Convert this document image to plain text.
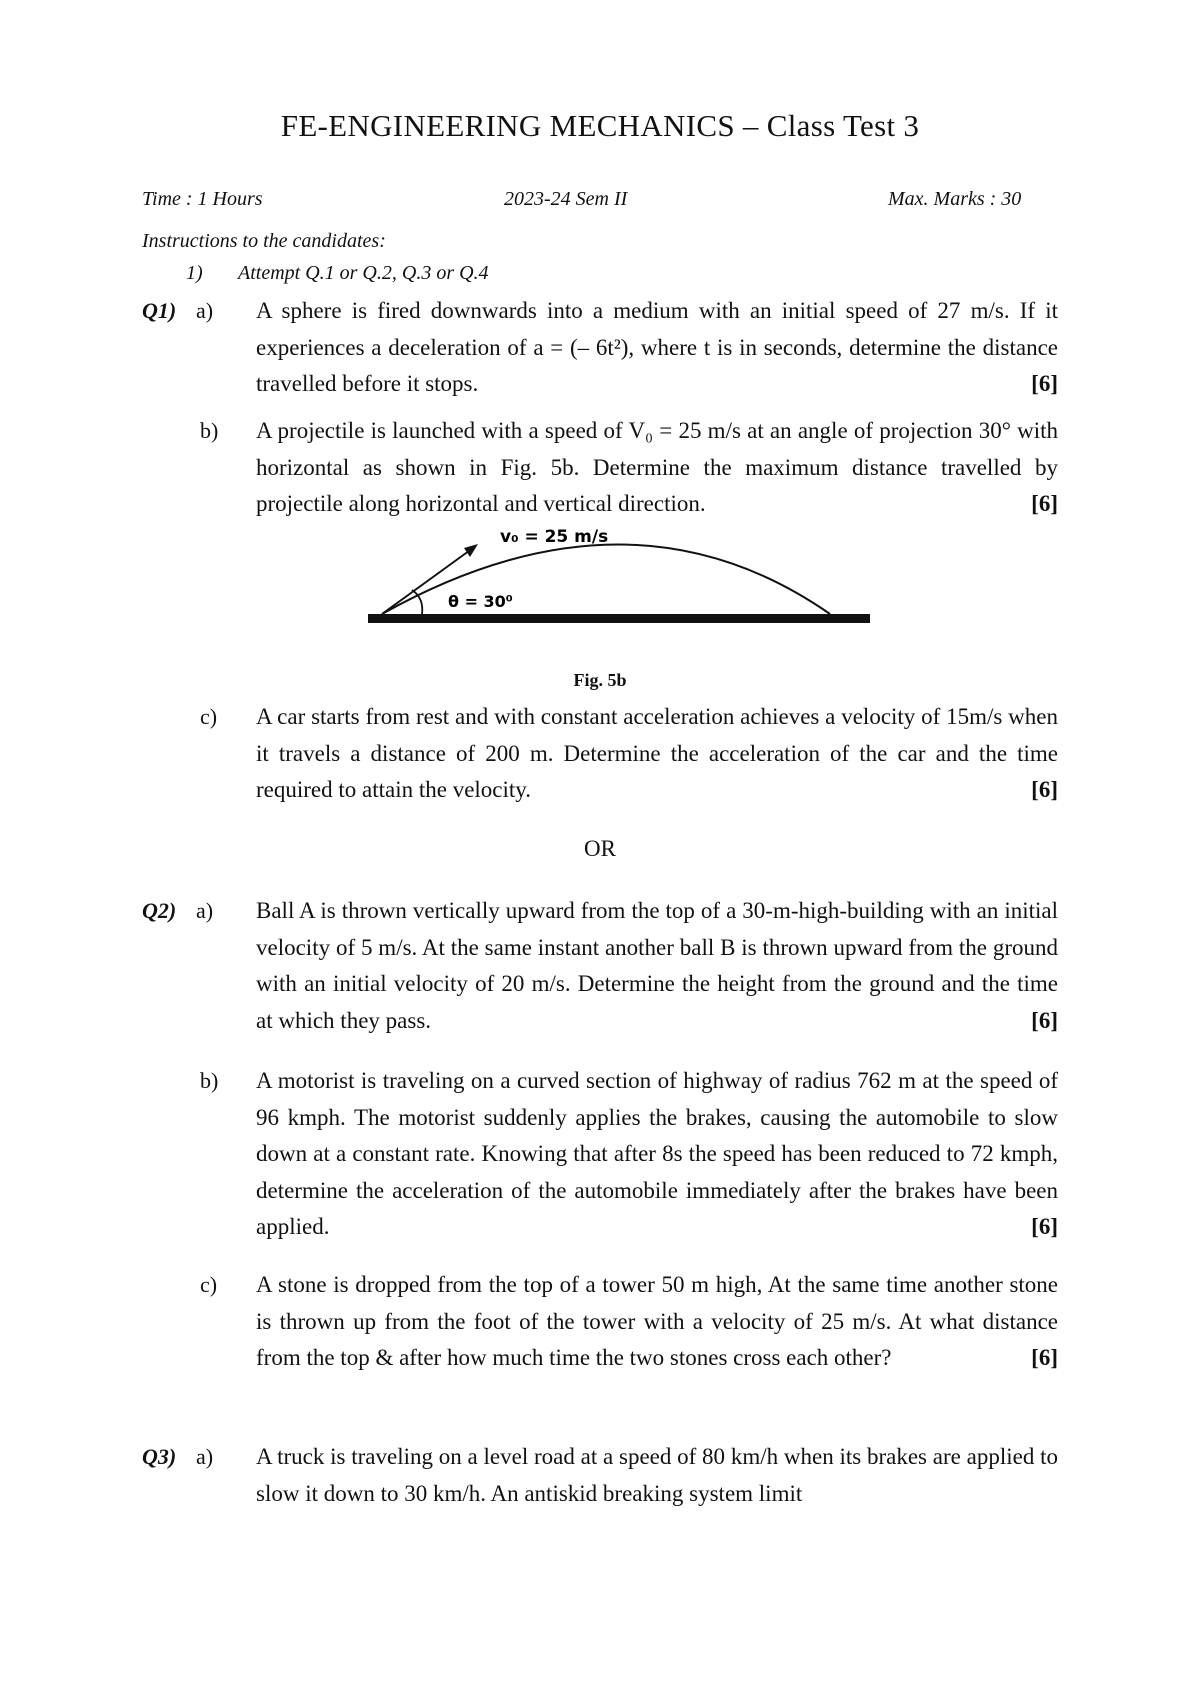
FE-ENGINEERING MECHANICS – Class Test 3
Time : 1 Hours	2023-24 Sem II	Max. Marks : 30
Instructions to the candidates:
1) Attempt Q.1 or Q.2, Q.3 or Q.4
Q1) a) A sphere is fired downwards into a medium with an initial speed of 27 m/s. If it experiences a deceleration of a = (– 6t²), where t is in seconds, determine the distance travelled before it stops.	[6]
b) A projectile is launched with a speed of V₀ = 25 m/s at an angle of projection 30° with horizontal as shown in Fig. 5b. Determine the maximum distance travelled by projectile along horizontal and vertical direction.	[6]
v₀ = 25 m/s
θ = 30⁰
Fig. 5b
c) A car starts from rest and with constant acceleration achieves a velocity of 15m/s when it travels a distance of 200 m. Determine the acceleration of the car and the time required to attain the velocity.	[6]
OR
Q2) a) Ball A is thrown vertically upward from the top of a 30-m-high-building with an initial velocity of 5 m/s. At the same instant another ball B is thrown upward from the ground with an initial velocity of 20 m/s. Determine the height from the ground and the time at which they pass.	[6]
b) A motorist is traveling on a curved section of highway of radius 762 m at the speed of 96 kmph. The motorist suddenly applies the brakes, causing the automobile to slow down at a constant rate. Knowing that after 8s the speed has been reduced to 72 kmph, determine the acceleration of the automobile immediately after the brakes have been applied.	[6]
c) A stone is dropped from the top of a tower 50 m high, At the same time another stone is thrown up from the foot of the tower with a velocity of 25 m/s. At what distance from the top & after how much time the two stones cross each other?	[6]
Q3) a) A truck is traveling on a level road at a speed of 80 km/h when its brakes are applied to slow it down to 30 km/h. An antiskid breaking system limit
